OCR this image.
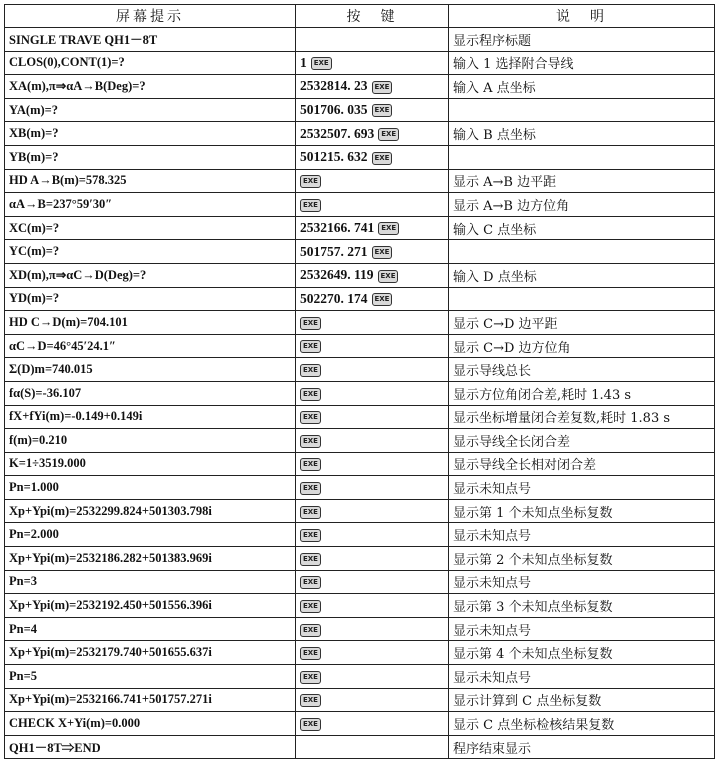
屏幕提示	按　键	说　明
SINGLE TRAVE QH1－8T		显示程序标题
CLOS(0),CONT(1)=?	1 EXE	输入 1 选择附合导线
XA(m),π⇒αA→B(Deg)=?	2532814. 23 EXE	输入 A 点坐标
YA(m)=?	501706. 035 EXE	
XB(m)=?	2532507. 693 EXE	输入 B 点坐标
YB(m)=?	501215. 632 EXE	
HD A→B(m)=578.325	EXE	显示 A→B 边平距
αA→B=237°59′30″	EXE	显示 A→B 边方位角
XC(m)=?	2532166. 741 EXE	输入 C 点坐标
YC(m)=?	501757. 271 EXE	
XD(m),π⇒αC→D(Deg)=?	2532649. 119 EXE	输入 D 点坐标
YD(m)=?	502270. 174 EXE	
HD C→D(m)=704.101	EXE	显示 C→D 边平距
αC→D=46°45′24.1″	EXE	显示 C→D 边方位角
Σ(D)m=740.015	EXE	显示导线总长
fα(S)=-36.107	EXE	显示方位角闭合差,耗时 1.43 s
fX+fYi(m)=-0.149+0.149i	EXE	显示坐标增量闭合差复数,耗时 1.83 s
f(m)=0.210	EXE	显示导线全长闭合差
K=1÷3519.000	EXE	显示导线全长相对闭合差
Pn=1.000	EXE	显示未知点号
Xp+Ypi(m)=2532299.824+501303.798i	EXE	显示第 1 个未知点坐标复数
Pn=2.000	EXE	显示未知点号
Xp+Ypi(m)=2532186.282+501383.969i	EXE	显示第 2 个未知点坐标复数
Pn=3	EXE	显示未知点号
Xp+Ypi(m)=2532192.450+501556.396i	EXE	显示第 3 个未知点坐标复数
Pn=4	EXE	显示未知点号
Xp+Ypi(m)=2532179.740+501655.637i	EXE	显示第 4 个未知点坐标复数
Pn=5	EXE	显示未知点号
Xp+Ypi(m)=2532166.741+501757.271i	EXE	显示计算到 C 点坐标复数
CHECK X+Yi(m)=0.000	EXE	显示 C 点坐标检核结果复数
QH1－8T⇒END		程序结束显示
